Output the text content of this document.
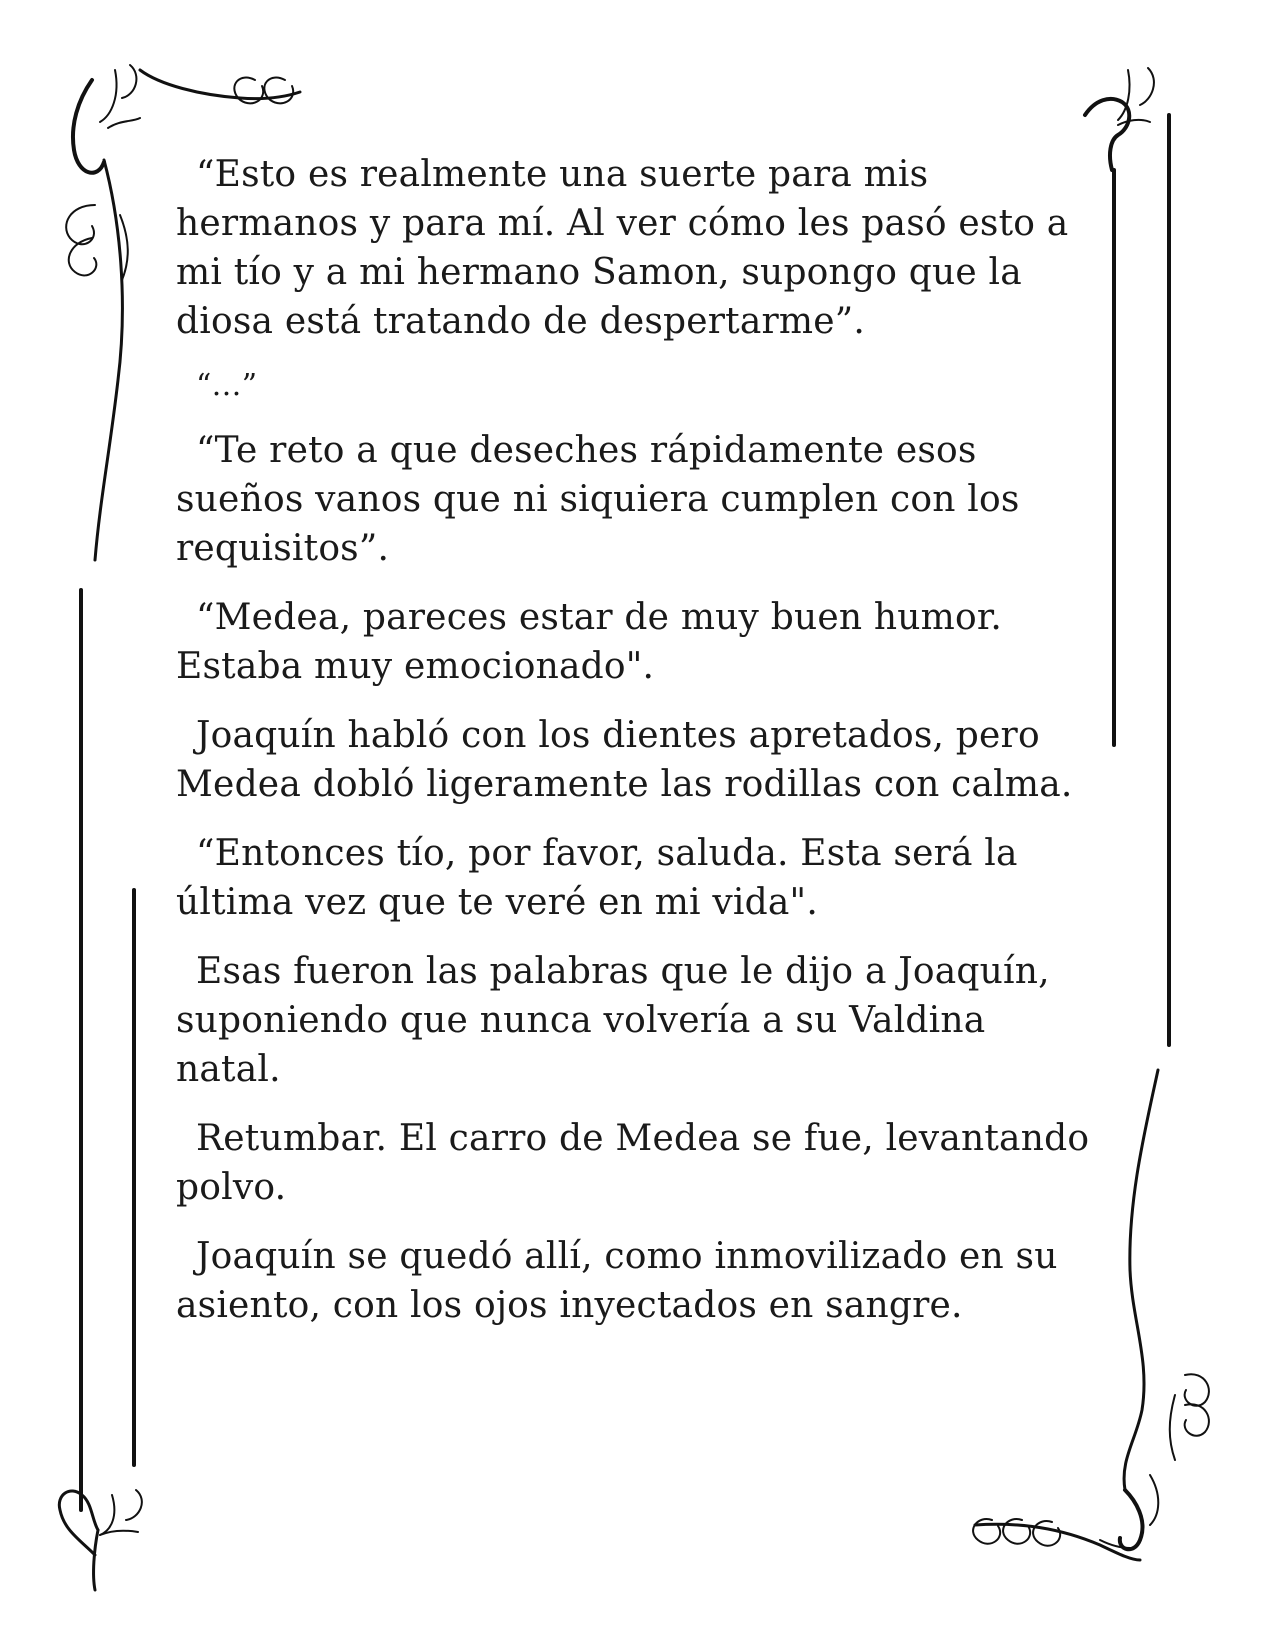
“Esto es realmente una suerte para mis hermanos y para mí. Al ver cómo les pasó esto a mi tío y a mi hermano Samon, supongo que la diosa está tratando de despertarme”.

“…”

“Te reto a que deseches rápidamente esos sueños vanos que ni siquiera cumplen con los requisitos”.

“Medea, pareces estar de muy buen humor. Estaba muy emocionado".

Joaquín habló con los dientes apretados, pero Medea dobló ligeramente las rodillas con calma.

“Entonces tío, por favor, saluda. Esta será la última vez que te veré en mi vida".

Esas fueron las palabras que le dijo a Joaquín, suponiendo que nunca volvería a su Valdina natal.

Retumbar. El carro de Medea se fue, levantando polvo.

Joaquín se quedó allí, como inmovilizado en su asiento, con los ojos inyectados en sangre.
